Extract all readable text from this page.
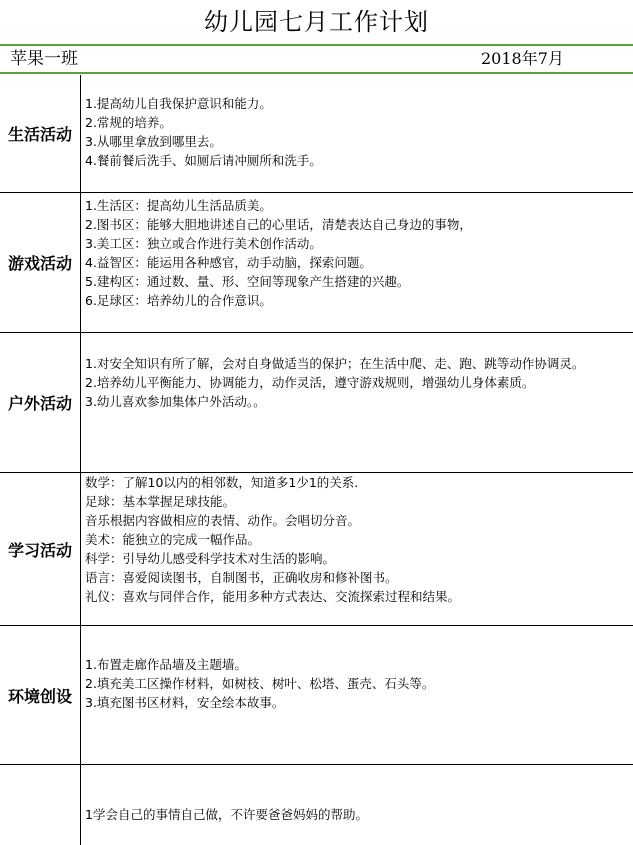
幼儿园七月工作计划
苹果一班	2018年7月
生活活动
1.提高幼儿自我保护意识和能力。
2.常规的培养。
3.从哪里拿放到哪里去。
4.餐前餐后洗手、如厕后请冲厕所和洗手。
游戏活动
1.生活区：提高幼儿生活品质美。
2.图书区：能够大胆地讲述自己的心里话，清楚表达自己身边的事物，
3.美工区：独立或合作进行美术创作活动。
4.益智区：能运用各种感官，动手动脑，探索问题。
5.建构区：通过数、量、形、空间等现象产生搭建的兴趣。
6.足球区：培养幼儿的合作意识。
户外活动
1.对安全知识有所了解，会对自身做适当的保护；在生活中爬、走、跑、跳等动作协调灵。
2.培养幼儿平衡能力、协调能力，动作灵活，遵守游戏规则，增强幼儿身体素质。
3.幼儿喜欢参加集体户外活动。。
学习活动
数学：了解10以内的相邻数，知道多1少1的关系.
足球：基本掌握足球技能。
音乐根据内容做相应的表情、动作。会唱切分音。
美术：能独立的完成一幅作品。
科学：引导幼儿感受科学技术对生活的影响。
语言：喜爱阅读图书，自制图书，正确收房和修补图书。
礼仪：喜欢与同伴合作，能用多种方式表达、交流探索过程和结果。
环境创设
1.布置走廊作品墙及主题墙。
2.填充美工区操作材料，如树枝、树叶、松塔、蛋壳、石头等。
3.填充图书区材料，安全绘本故事。
1学会自己的事情自己做，不许要爸爸妈妈的帮助。
